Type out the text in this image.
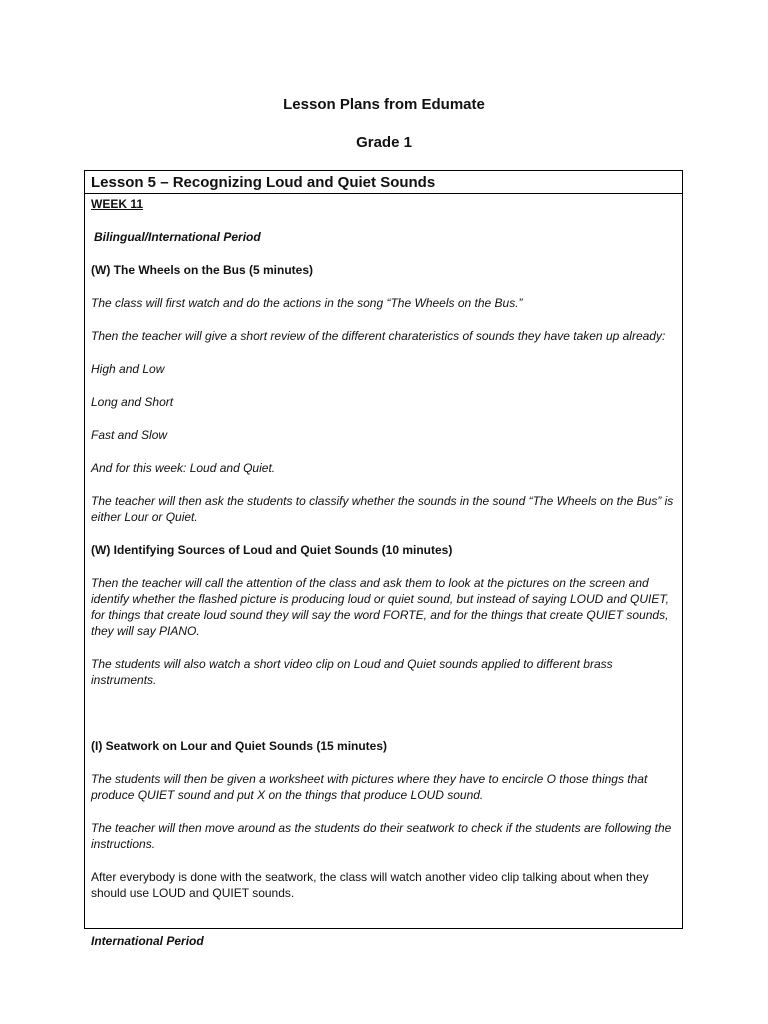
Lesson Plans from Edumate
Grade 1
Lesson 5 – Recognizing Loud and Quiet Sounds
WEEK 11
Bilingual/International Period
(W) The Wheels on the Bus (5 minutes)
The class will first watch and do the actions in the song “The Wheels on the Bus.”
Then the teacher will give a short review of the different charateristics of sounds they have taken up already:
High and Low
Long and Short
Fast and Slow
And for this week: Loud and Quiet.
The teacher will then ask the students to classify whether the sounds in the sound “The Wheels on the Bus” is either Lour or Quiet.
(W) Identifying Sources of Loud and Quiet Sounds (10 minutes)
Then the teacher will call the attention of the class and ask them to look at the pictures on the screen and identify whether the flashed picture is producing loud or quiet sound, but instead of saying LOUD and QUIET, for things that create loud sound they will say the word FORTE, and for the things that create QUIET sounds, they will say PIANO.
The students will also watch a short video clip on Loud and Quiet sounds applied to different brass instruments.
(I) Seatwork on Lour and Quiet Sounds (15 minutes)
The students will then be given a worksheet with pictures where they have to encircle O those things that produce QUIET sound and put X on the things that produce LOUD sound.
The teacher will then move around as the students do their seatwork to check if the students are following the instructions.
After everybody is done with the seatwork, the class will watch another video clip talking about when they should use LOUD and QUIET sounds.
International Period
